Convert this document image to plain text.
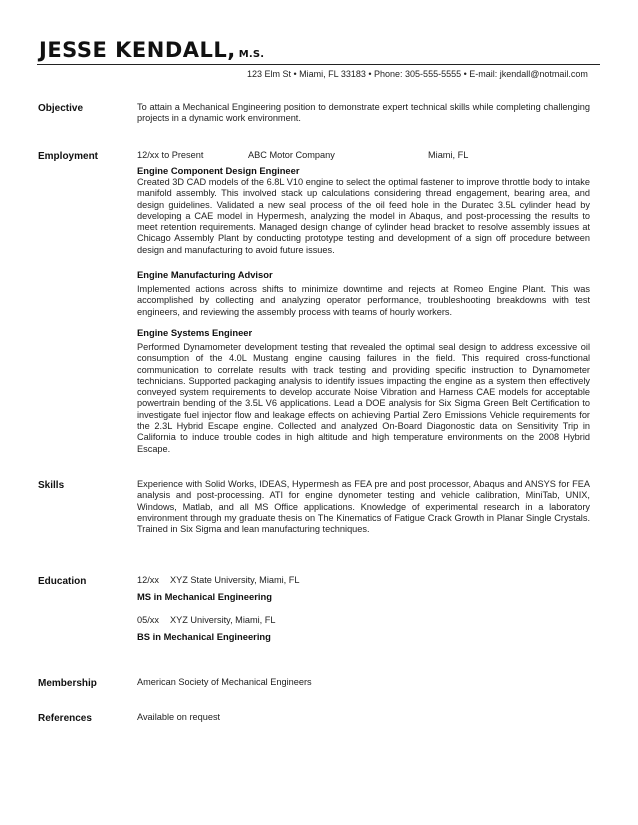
JESSE KENDALL, M.S.
123 Elm St • Miami, FL 33183 • Phone: 305-555-5555 • E-mail: jkendall@notmail.com
Objective	To attain a Mechanical Engineering position to demonstrate expert technical skills while completing challenging projects in a dynamic work environment.
Employment	12/xx to Present	ABC Motor Company	Miami, FL
Engine Component Design Engineer
Created 3D CAD models of the 6.8L V10 engine to select the optimal fastener to improve throttle body to intake manifold assembly. This involved stack up calculations considering thread engagement, bearing area, and design guidelines. Validated a new seal process of the oil feed hole in the Duratec 3.5L cylinder head by developing a CAE model in Hypermesh, analyzing the model in Abaqus, and post-processing the results to meet retention requirements. Managed design change of cylinder head bracket to resolve assembly issues at Chicago Assembly Plant by conducting prototype testing and development of a sign off procedure between design and manufacturing to avoid future issues.
Engine Manufacturing Advisor
Implemented actions across shifts to minimize downtime and rejects at Romeo Engine Plant. This was accomplished by collecting and analyzing operator performance, troubleshooting breakdowns with test engineers, and reviewing the assembly process with teams of hourly workers.
Engine Systems Engineer
Performed Dynamometer development testing that revealed the optimal seal design to address excessive oil consumption of the 4.0L Mustang engine causing failures in the field. This required cross-functional communication to correlate results with track testing and providing specific instruction to Dynamometer technicians. Supported packaging analysis to identify issues impacting the engine as a system then effectively conveyed system requirements to develop accurate Noise Vibration and Harness CAE models for acceptable powertrain bending of the 3.5L V6 applications. Lead a DOE analysis for Six Sigma Green Belt Certification to investigate fuel injector flow and leakage effects on achieving Partial Zero Emissions Vehicle requirements for the 2.3L Hybrid Escape engine. Collected and analyzed On-Board Diagonostic data on Sensitivity Trip in California to induce trouble codes in high altitude and high temperature environments on the 2008 Hybrid Escape.
Skills	Experience with Solid Works, IDEAS, Hypermesh as FEA pre and post processor, Abaqus and ANSYS for FEA analysis and post-processing. ATI for engine dynometer testing and vehicle calibration, MiniTab, UNIX, Windows, Matlab, and all MS Office applications. Knowledge of experimental research in a laboratory environment through my graduate thesis on The Kinematics of Fatigue Crack Growth in Planar Single Crystals. Trained in Six Sigma and lean manufacturing techniques.
Education	12/xx XYZ State University, Miami, FL
MS in Mechanical Engineering
05/xx XYZ University, Miami, FL
BS in Mechanical Engineering
Membership	American Society of Mechanical Engineers
References	Available on request
